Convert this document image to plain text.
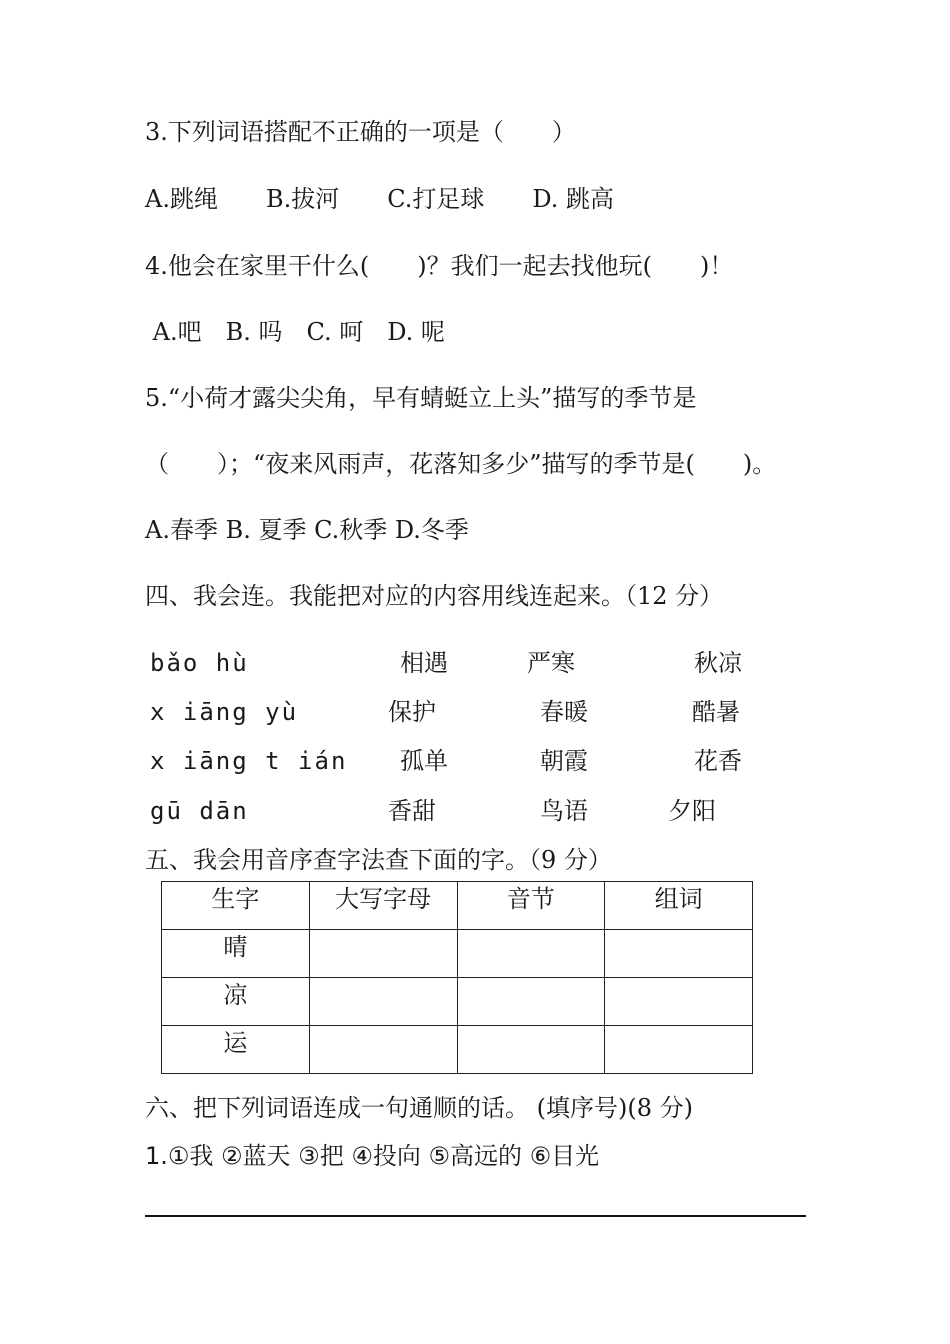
3.下列词语搭配不正确的一项是（　　）
A.跳绳　　B.拔河　　C.打足球　　D. 跳高
4.他会在家里干什么(　　)？我们一起去找他玩(　　)！
A.吧　B. 吗　C. 呵　D. 呢
5.“小荷才露尖尖角，早有蜻蜓立上头”描写的季节是
（　　）；“夜来风雨声，花落知多少”描写的季节是(　　)。
A.春季 B. 夏季 C.秋季 D.冬季
四、我会连。我能把对应的内容用线连起来。（12 分）
bǎo hù	相遇	严寒	秋凉
x iāng yù	保护	春暖	酷暑
x iāng t ián 孤单	朝霞	花香
gū dān	香甜	鸟语	夕阳
五、我会用音序查字法查下面的字。（9 分）
生字	大写字母	音节	组词
晴			
凉			
运			
六、把下列词语连成一句通顺的话。 (填序号)(8 分)
1.①我 ②蓝天 ③把 ④投向 ⑤高远的 ⑥目光
